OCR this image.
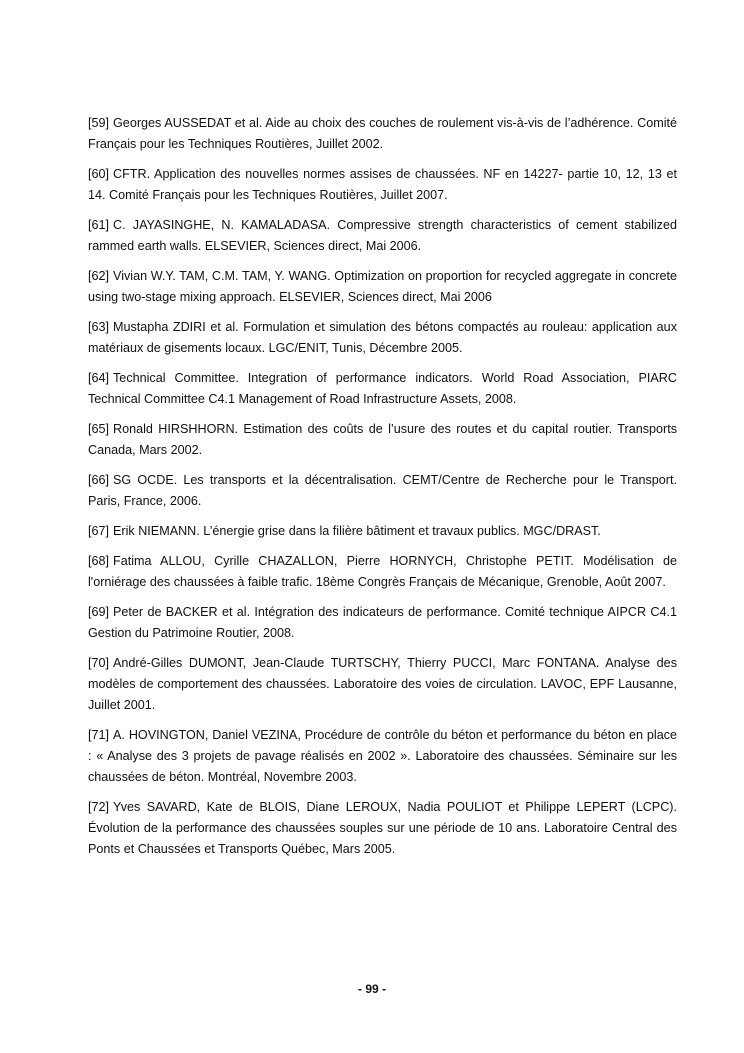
[59] Georges AUSSEDAT et al. Aide au choix des couches de roulement vis-à-vis de l’adhérence. Comité Français pour les Techniques Routières, Juillet 2002.
[60] CFTR. Application des nouvelles normes assises de chaussées. NF en 14227- partie 10, 12, 13 et 14. Comité Français pour les Techniques Routières, Juillet 2007.
[61] C. JAYASINGHE, N. KAMALADASA. Compressive strength characteristics of cement stabilized rammed earth walls. ELSEVIER, Sciences direct, Mai 2006.
[62] Vivian W.Y. TAM, C.M. TAM, Y. WANG. Optimization on proportion for recycled aggregate in concrete using two-stage mixing approach. ELSEVIER, Sciences direct, Mai 2006
[63] Mustapha ZDIRI et al. Formulation et simulation des bétons compactés au rouleau: application aux matériaux de gisements locaux. LGC/ENIT, Tunis, Décembre 2005.
[64] Technical Committee. Integration of performance indicators. World Road Association, PIARC Technical Committee C4.1 Management of Road Infrastructure Assets, 2008.
[65] Ronald HIRSHHORN. Estimation des coûts de l’usure des routes et du capital routier. Transports Canada, Mars 2002.
[66] SG OCDE. Les transports et la décentralisation. CEMT/Centre de Recherche pour le Transport. Paris, France, 2006.
[67] Erik NIEMANN. L’énergie grise dans la filière bâtiment et travaux publics. MGC/DRAST.
[68] Fatima ALLOU, Cyrille CHAZALLON, Pierre HORNYCH, Christophe PETIT. Modélisation de l'orniérage des chaussées à faible trafic. 18ème Congrès Français de Mécanique, Grenoble, Août 2007.
[69] Peter de BACKER et al. Intégration des indicateurs de performance. Comité technique AIPCR C4.1 Gestion du Patrimoine Routier, 2008.
[70] André-Gilles DUMONT, Jean-Claude TURTSCHY, Thierry PUCCI, Marc FONTANA. Analyse des modèles de comportement des chaussées. Laboratoire des voies de circulation. LAVOC, EPF Lausanne, Juillet 2001.
[71] A. HOVINGTON, Daniel VEZINA, Procédure de contrôle du béton et performance du béton en place : « Analyse des 3 projets de pavage réalisés en 2002 ». Laboratoire des chaussées. Séminaire sur les chaussées de béton. Montréal, Novembre 2003.
[72] Yves SAVARD, Kate de BLOIS, Diane LEROUX, Nadia POULIOT et Philippe LEPERT (LCPC). Évolution de la performance des chaussées souples sur une période de 10 ans. Laboratoire Central des Ponts et Chaussées et Transports Québec, Mars 2005.
- 99 -
